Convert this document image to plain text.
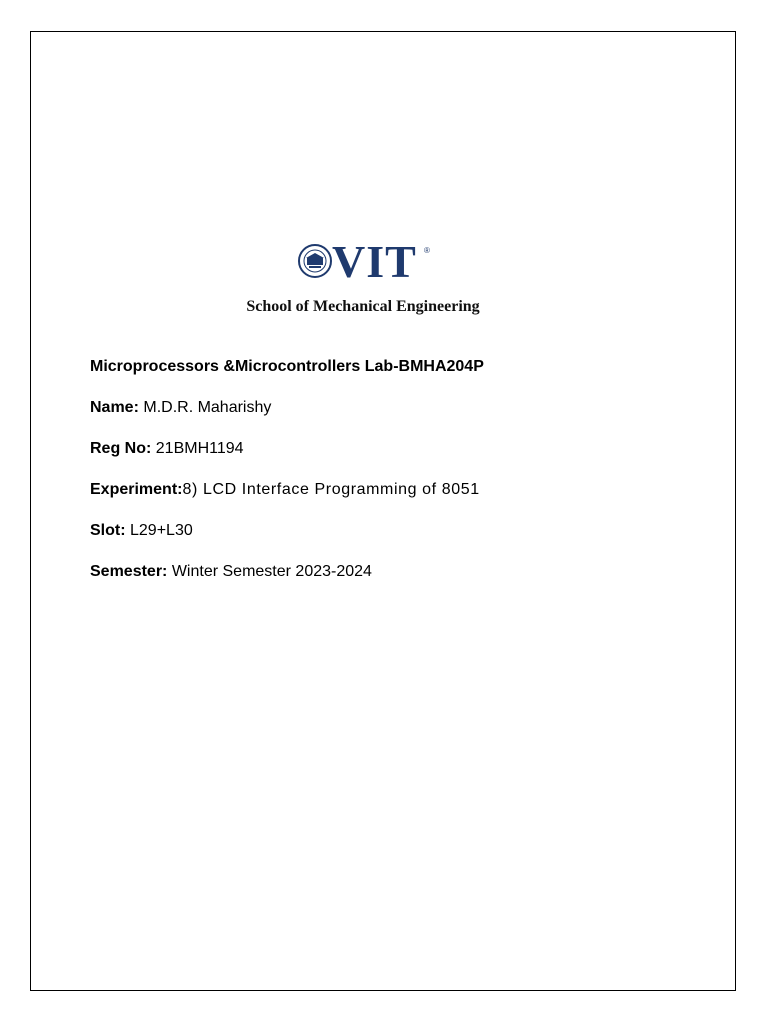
VIT ®
School of Mechanical Engineering
Microprocessors &Microcontrollers Lab-BMHA204P
Name: M.D.R. Maharishy
Reg No: 21BMH1194
Experiment:8) LCD Interface Programming of 8051
Slot: L29+L30
Semester: Winter Semester 2023-2024
